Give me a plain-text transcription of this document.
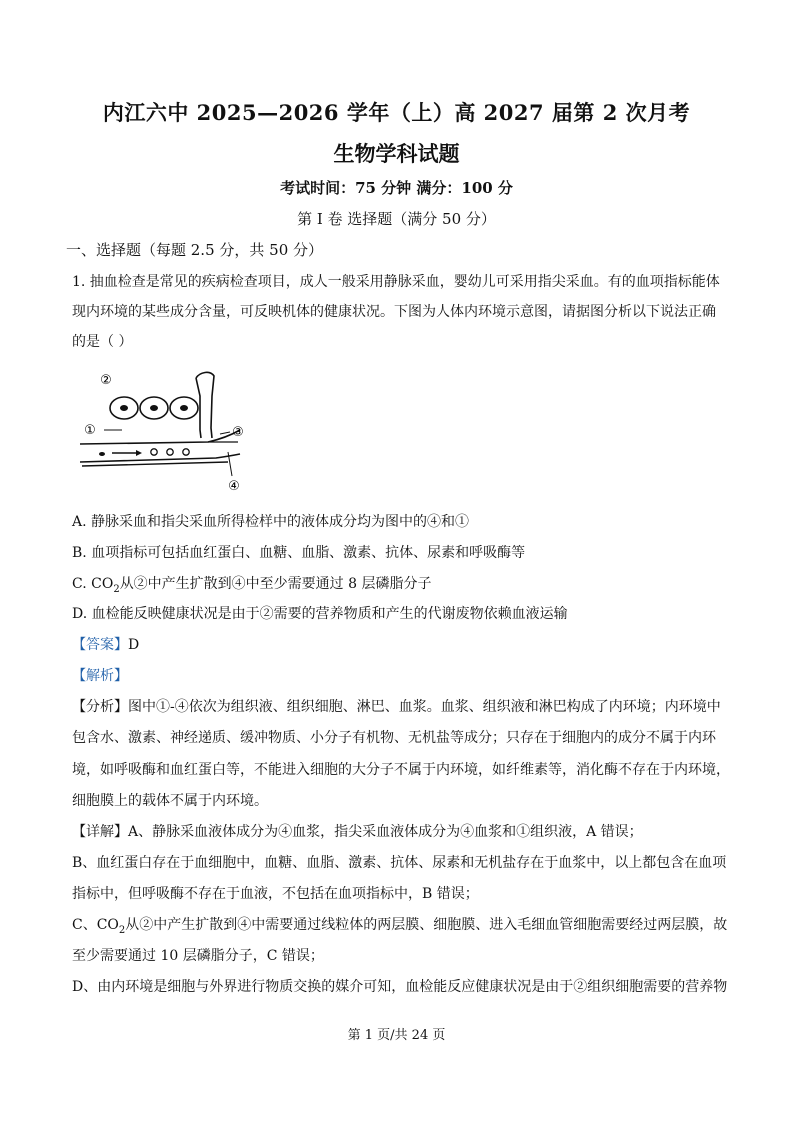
内江六中 2025—2026 学年（上）高 2027 届第 2 次月考
生物学科试题
考试时间：75 分钟 满分：100 分
第 I 卷 选择题（满分 50 分）
一、选择题（每题 2.5 分，共 50 分）
1. 抽血检查是常见的疾病检查项目，成人一般采用静脉采血，婴幼儿可采用指尖采血。有的血项指标能体
现内环境的某些成分含量，可反映机体的健康状况。下图为人体内环境示意图，请据图分析以下说法正确
的是（ ）
②
①	③
④
A. 静脉采血和指尖采血所得检样中的液体成分均为图中的④和①
B. 血项指标可包括血红蛋白、血糖、血脂、激素、抗体、尿素和呼吸酶等
C. $CO_2$从②中产生扩散到④中至少需要通过 8 层磷脂分子
D. 血检能反映健康状况是由于②需要的营养物质和产生的代谢废物依赖血液运输
【答案】D
【解析】
【分析】图中①-④依次为组织液、组织细胞、淋巴、血浆。血浆、组织液和淋巴构成了内环境；内环境中
包含水、激素、神经递质、缓冲物质、小分子有机物、无机盐等成分；只存在于细胞内的成分不属于内环
境，如呼吸酶和血红蛋白等，不能进入细胞的大分子不属于内环境，如纤维素等，消化酶不存在于内环境，
细胞膜上的载体不属于内环境。
【详解】A、静脉采血液体成分为④血浆，指尖采血液体成分为④血浆和①组织液，A 错误；
B、血红蛋白存在于血细胞中，血糖、血脂、激素、抗体、尿素和无机盐存在于血浆中，以上都包含在血项
指标中，但呼吸酶不存在于血液，不包括在血项指标中，B 错误；
C、$CO_2$从②中产生扩散到④中需要通过线粒体的两层膜、细胞膜、进入毛细血管细胞需要经过两层膜，故
至少需要通过 10 层磷脂分子，C 错误；
D、由内环境是细胞与外界进行物质交换的媒介可知，血检能反应健康状况是由于②组织细胞需要的营养物
第 1 页/共 24 页
